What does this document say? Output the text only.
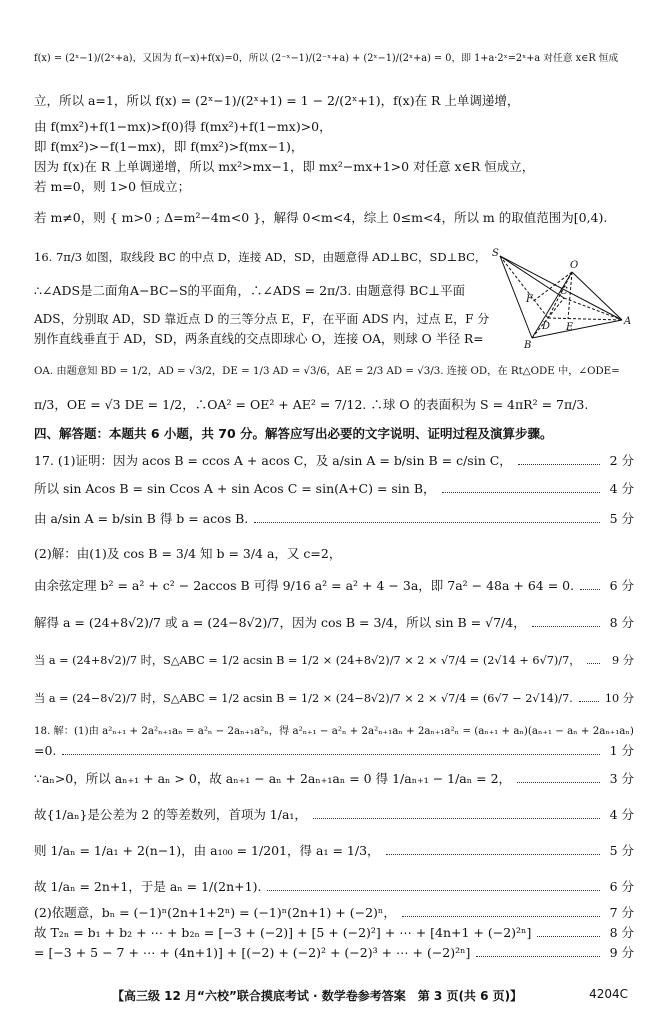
f(x) = (2ˣ−1)/(2ˣ+a)，又因为 f(−x)+f(x)=0，所以 (2⁻ˣ−1)/(2⁻ˣ+a) + (2ˣ−1)/(2ˣ+a) = 0，即 1+a·2ˣ=2ˣ+a 对任意 x∈R 恒成
立，所以 a=1，所以 f(x) = (2ˣ−1)/(2ˣ+1) = 1 − 2/(2ˣ+1)，f(x)在 R 上单调递增，
由 f(mx²)+f(1−mx)>f(0)得 f(mx²)+f(1−mx)>0，
即 f(mx²)>−f(1−mx)，即 f(mx²)>f(mx−1)，
因为 f(x)在 R 上单调递增，所以 mx²>mx−1，即 mx²−mx+1>0 对任意 x∈R 恒成立，
若 m=0，则 1>0 恒成立；
若 m≠0，则 { m>0 ; Δ=m²−4m<0 }，解得 0<m<4，综上 0≤m<4，所以 m 的取值范围为[0,4).
16. 7π/3 如图，取线段 BC 的中点 D，连接 AD，SD，由题意得 AD⊥BC，SD⊥BC，
∴∠ADS是二面角A−BC−S的平面角，∴∠ADS = 2π/3. 由题意得 BC⊥平面
ADS，分别取 AD，SD 靠近点 D 的三等分点 E，F，在平面 ADS 内，过点 E，F 分
别作直线垂直于 AD，SD，两条直线的交点即球心 O，连接 OA，则球 O 半径 R=
OA. 由题意知 BD = 1/2，AD = √3/2，DE = 1/3 AD = √3/6，AE = 2/3 AD = √3/3. 连接 OD，在 Rt△ODE 中，∠ODE=
π/3，OE = √3 DE = 1/2，∴OA² = OE² + AE² = 7/12. ∴球 O 的表面积为 S = 4πR² = 7π/3.
四、解答题：本题共 6 小题，共 70 分。解答应写出必要的文字说明、证明过程及演算步骤。
S
O
C
F
E
D
B
A
17. (1)证明：因为 acos B = ccos A + acos C，及 a/sin A = b/sin B = c/sin C，	2 分
所以 sin Acos B = sin Ccos A + sin Acos C = sin(A+C) = sin B，	4 分
由 a/sin A = b/sin B 得 b = acos B.	5 分
(2)解：由(1)及 cos B = 3/4 知 b = 3/4 a，又 c=2，
由余弦定理 b² = a² + c² − 2accos B 可得 9/16 a² = a² + 4 − 3a，即 7a² − 48a + 64 = 0.	6 分
解得 a = (24+8√2)/7 或 a = (24−8√2)/7，因为 cos B = 3/4，所以 sin B = √7/4，	8 分
当 a = (24+8√2)/7 时，S△ABC = 1/2 acsin B = 1/2 × (24+8√2)/7 × 2 × √7/4 = (2√14 + 6√7)/7，	9 分
当 a = (24−8√2)/7 时，S△ABC = 1/2 acsin B = 1/2 × (24−8√2)/7 × 2 × √7/4 = (6√7 − 2√14)/7.	10 分
18. 解：(1)由 a²ₙ₊₁ + 2a²ₙ₊₁aₙ = a²ₙ − 2aₙ₊₁a²ₙ，得 a²ₙ₊₁ − a²ₙ + 2a²ₙ₊₁aₙ + 2aₙ₊₁a²ₙ = (aₙ₊₁ + aₙ)(aₙ₊₁ − aₙ + 2aₙ₊₁aₙ)
=0.	1 分
∵aₙ>0，所以 aₙ₊₁ + aₙ > 0，故 aₙ₊₁ − aₙ + 2aₙ₊₁aₙ = 0 得 1/aₙ₊₁ − 1/aₙ = 2，	3 分
故{1/aₙ}是公差为 2 的等差数列，首项为 1/a₁，	4 分
则 1/aₙ = 1/a₁ + 2(n−1)，由 a₁₀₀ = 1/201，得 a₁ = 1/3，	5 分
故 1/aₙ = 2n+1，于是 aₙ = 1/(2n+1).	6 分
(2)依题意，bₙ = (−1)ⁿ(2n+1+2ⁿ) = (−1)ⁿ(2n+1) + (−2)ⁿ，	7 分
故 T₂ₙ = b₁ + b₂ + ⋯ + b₂ₙ = [−3 + (−2)] + [5 + (−2)²] + ⋯ + [4n+1 + (−2)²ⁿ]	8 分
= [−3 + 5 − 7 + ⋯ + (4n+1)] + [(−2) + (−2)² + (−2)³ + ⋯ + (−2)²ⁿ]	9 分
【高三级 12 月“六校”联合摸底考试 · 数学卷参考答案　第 3 页(共 6 页)】	4204C
